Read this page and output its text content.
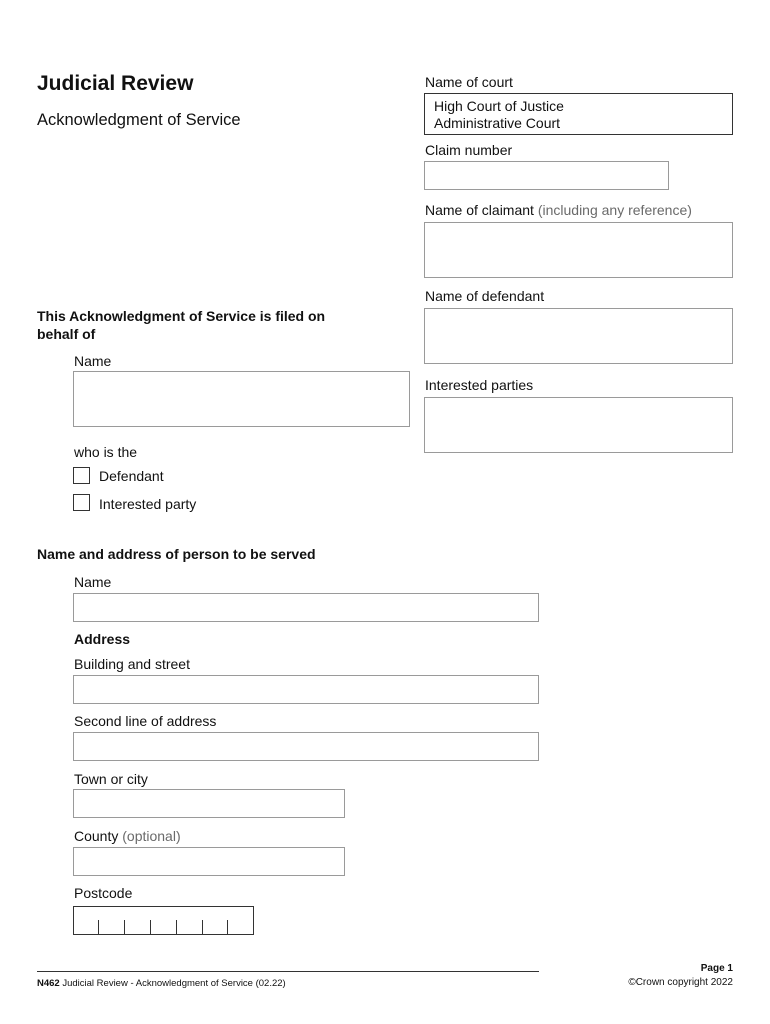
Judicial Review
Acknowledgment of Service
Name of court
High Court of Justice
Administrative Court
Claim number
Name of claimant (including any reference)
Name of defendant
Interested parties
This Acknowledgment of Service is filed on
behalf of
Name
who is the
Defendant
Interested party
Name and address of person to be served
Name
Address
Building and street
Second line of address
Town or city
County (optional)
Postcode
N462 Judicial Review - Acknowledgment of Service (02.22)
Page 1
©Crown copyright 2022
